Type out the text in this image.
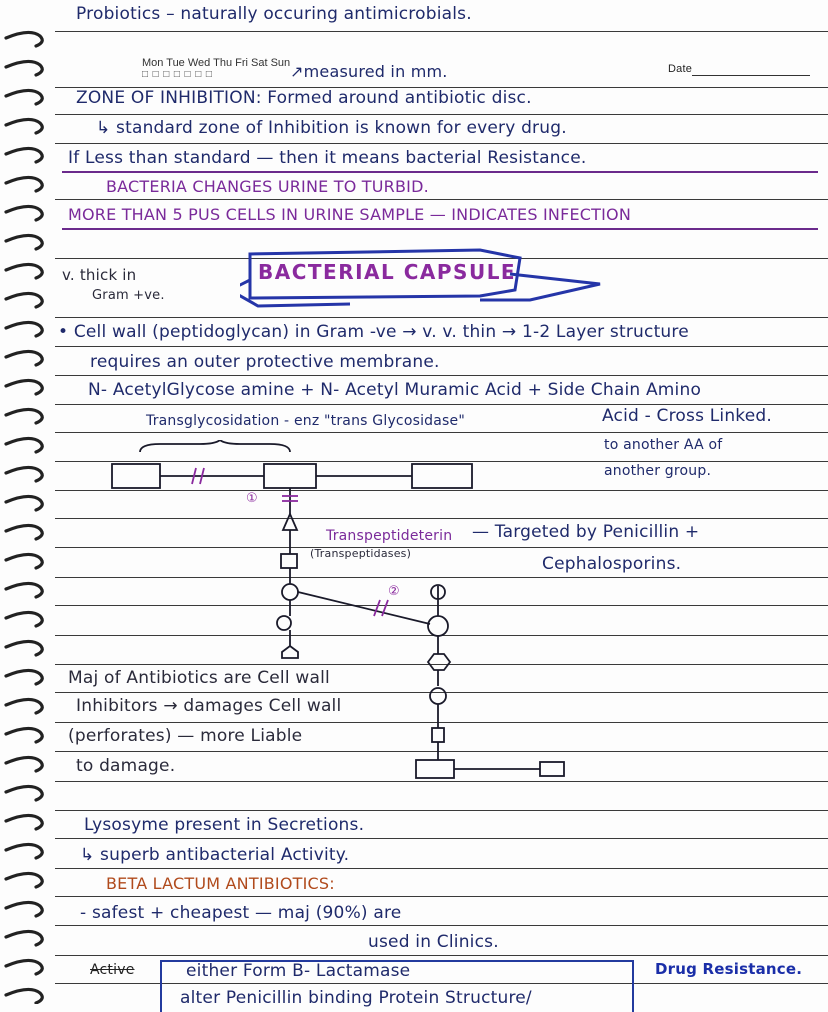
Mon Tue Wed Thu Fri Sat Sun
□□□□□□□	Date
Probiotics – naturally occuring antimicrobials.
↗measured in mm.
ZONE OF INHIBITION: Formed around antibiotic disc.
↳ standard zone of Inhibition is known for every drug.
If Less than standard — then it means bacterial Resistance.
BACTERIA CHANGES URINE TO TURBID.
MORE THAN 5 PUS CELLS IN URINE SAMPLE — INDICATES INFECTION
BACTERIAL CAPSULE
v. thick in
Gram +ve.
• Cell wall (peptidoglycan) in Gram -ve → v. v. thin → 1-2 Layer structure
requires an outer protective membrane.
N- AcetylGlycose amine + N- Acetyl Muramic Acid + Side Chain Amino
Transglycosidation - enz "trans Glycosidase"	Acid - Cross Linked.
to another AA of
another group.
①
②
Transpeptideterin
(Transpeptidases)
— Targeted by Penicillin +
Cephalosporins.
Maj of Antibiotics are Cell wall
Inhibitors → damages Cell wall
(perforates) — more Liable
to damage.
Lysosyme present in Secretions.
↳ superb antibacterial Activity.
BETA LACTUM ANTIBIOTICS:
- safest + cheapest — maj (90%) are
used in Clinics.
Active	either Form B- Lactamase	Drug Resistance.
alter Penicillin binding Protein Structure/
